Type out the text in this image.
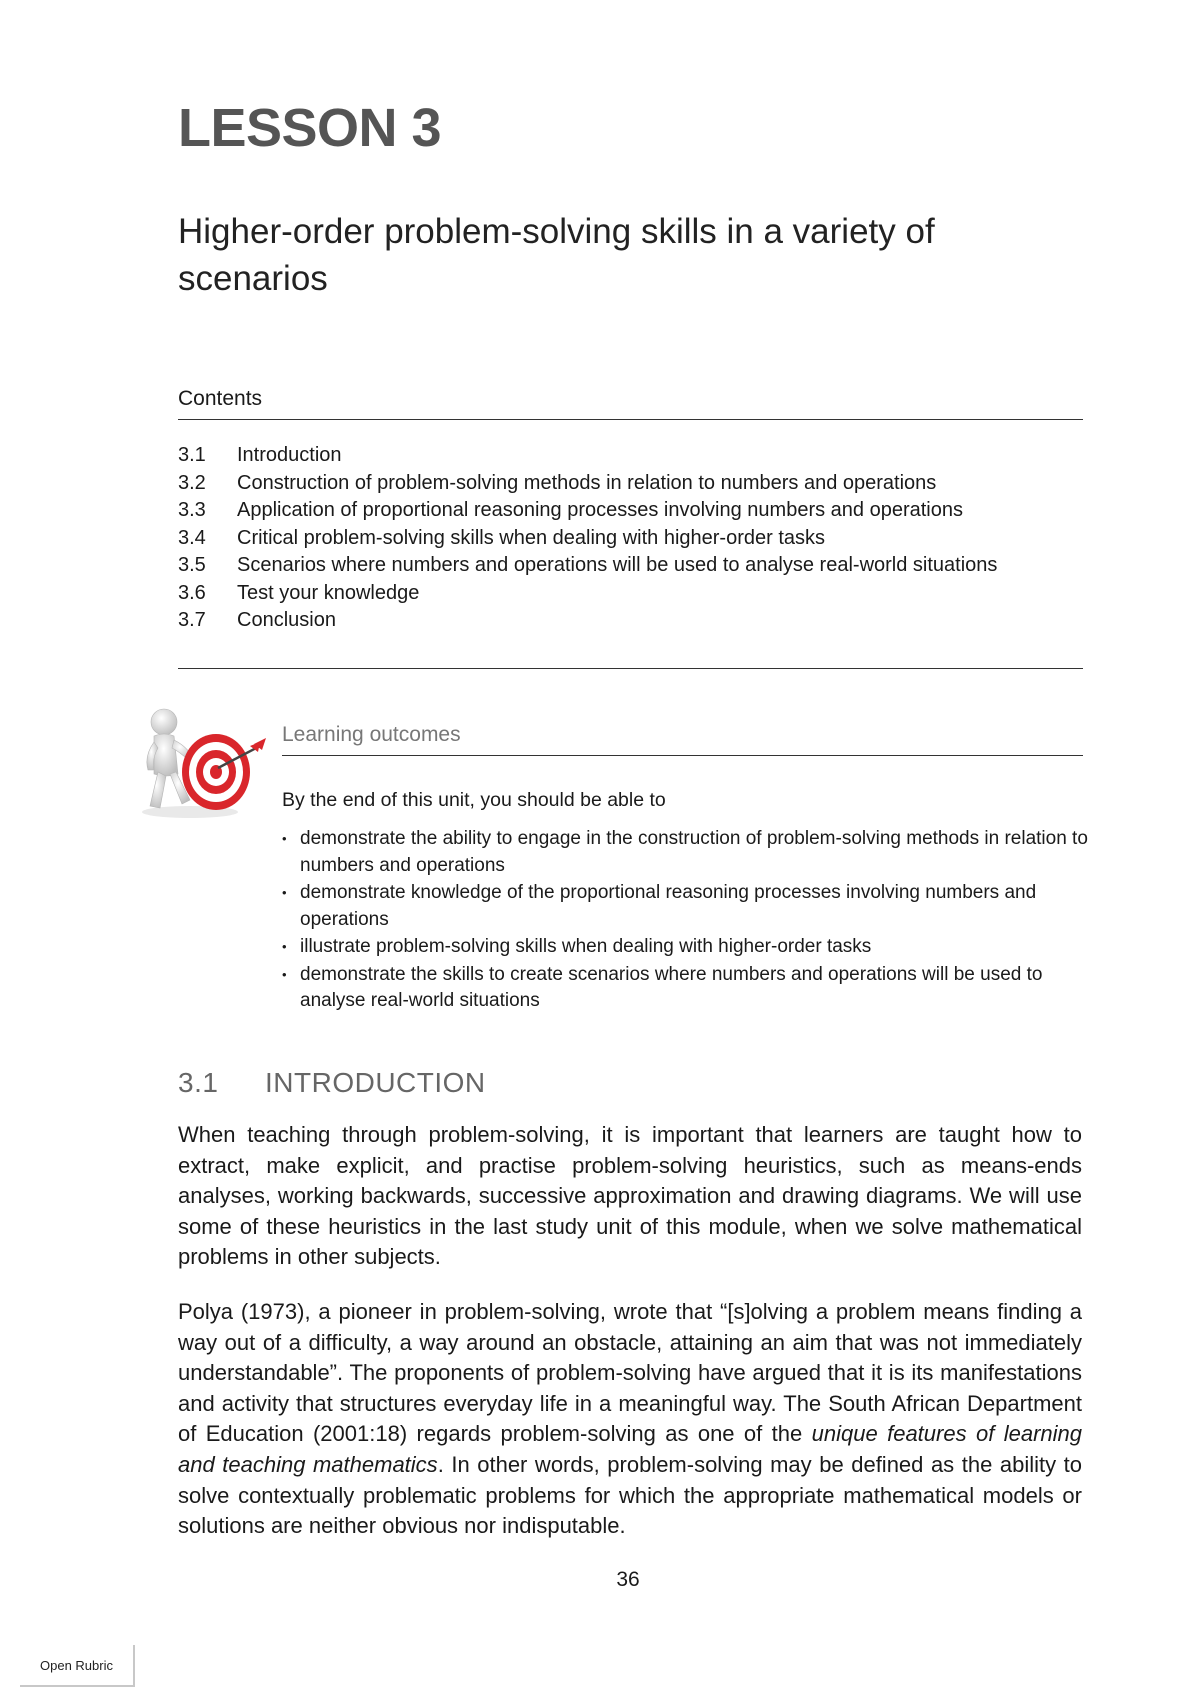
LESSON 3
Higher-order problem-solving skills in a variety of scenarios
Contents
3.1	Introduction
3.2	Construction of problem-solving methods in relation to numbers and operations
3.3	Application of proportional reasoning processes involving numbers and operations
3.4	Critical problem-solving skills when dealing with higher-order tasks
3.5	Scenarios where numbers and operations will be used to analyse real-world situations
3.6	Test your knowledge
3.7	Conclusion
Learning outcomes
By the end of this unit, you should be able to
• demonstrate the ability to engage in the construction of problem-solving methods in relation to numbers and operations
• demonstrate knowledge of the proportional reasoning processes involving numbers and operations
• illustrate problem-solving skills when dealing with higher-order tasks
• demonstrate the skills to create scenarios where numbers and operations will be used to analyse real-world situations
3.1 INTRODUCTION

When teaching through problem-solving, it is important that learners are taught how to extract, make explicit, and practise problem-solving heuristics, such as means-ends analyses, working backwards, successive approximation and drawing diagrams. We will use some of these heuristics in the last study unit of this module, when we solve mathematical problems in other subjects.

Polya (1973), a pioneer in problem-solving, wrote that “[s]olving a problem means finding a way out of a difficulty, a way around an obstacle, attaining an aim that was not immediately understandable”. The proponents of problem-solving have argued that it is its manifestations and activity that structures everyday life in a meaningful way. The South African Department of Education (2001:18) regards problem-solving as one of the unique features of learning and teaching mathematics. In other words, problem-solving may be defined as the ability to solve contextually problematic problems for which the appropriate mathematical models or solutions are neither obvious nor indisputable.

36
Open Rubric
